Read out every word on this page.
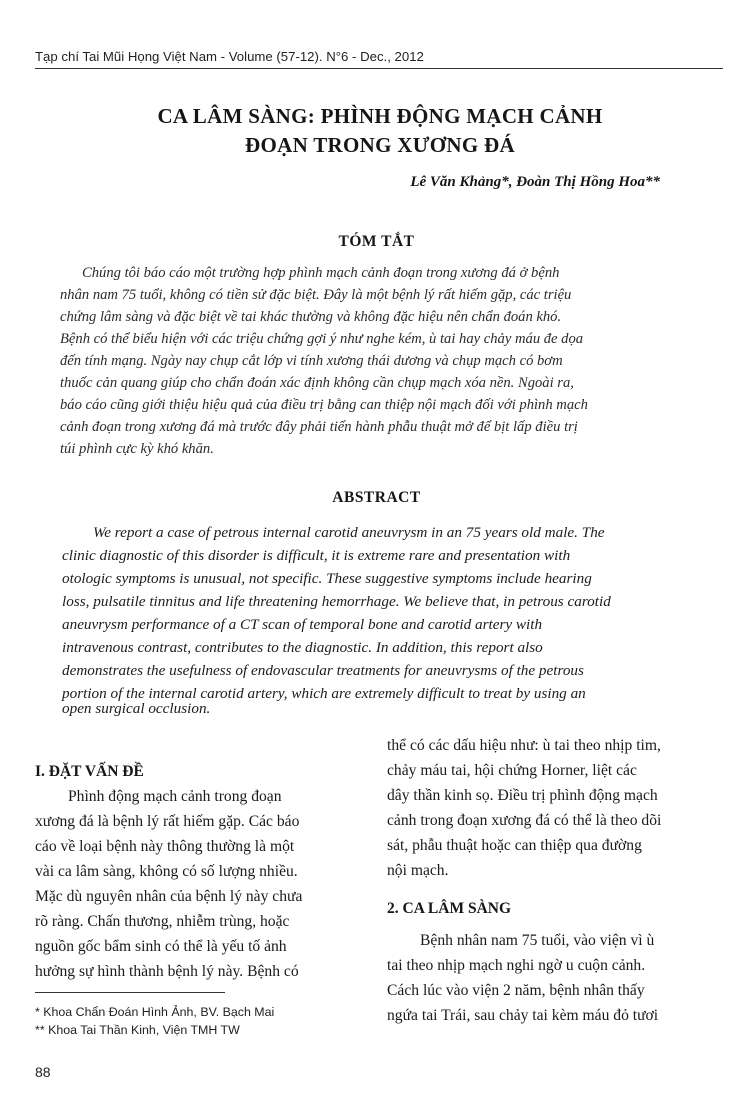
Tạp chí Tai Mũi Họng Việt Nam - Volume (57-12). N°6 - Dec., 2012
CA LÂM SÀNG: PHÌNH ĐỘNG MẠCH CẢNH
ĐOẠN TRONG XƯƠNG ĐÁ
Lê Văn Khảng*, Đoàn Thị Hồng Hoa**
TÓM TẮT
Chúng tôi báo cáo một trường hợp phình mạch cảnh đoạn trong xương đá ở bệnh
nhân nam 75 tuổi, không có tiền sử đặc biệt. Đây là một bệnh lý rất hiếm gặp, các triệu
chứng lâm sàng và đặc biệt về tai khác thường và không đặc hiệu nên chẩn đoán khó.
Bệnh có thể biểu hiện với các triệu chứng gợi ý như nghe kém, ù tai hay chảy máu đe dọa
đến tính mạng. Ngày nay chụp cắt lớp vi tính xương thái dương và chụp mạch có bơm
thuốc cản quang giúp cho chẩn đoán xác định không cần chụp mạch xóa nền. Ngoài ra,
báo cáo cũng giới thiệu hiệu quả của điều trị bằng can thiệp nội mạch đối với phình mạch
cảnh đoạn trong xương đá mà trước đây phải tiến hành phẫu thuật mở để bịt lấp điều trị
túi phình cực kỳ khó khăn.
ABSTRACT
We report a case of petrous internal carotid aneuvrysm in an 75 years old male. The
clinic diagnostic of this disorder is difficult, it is extreme rare and presentation with
otologic symptoms is unusual, not specific. These suggestive symptoms include hearing
loss, pulsatile tinnitus and life threatening hemorrhage. We believe that, in petrous carotid
aneuvrysm performance of a CT scan of temporal bone and carotid artery with
intravenous contrast, contributes to the diagnostic. In addition, this report also
demonstrates the usefulness of endovascular treatments for aneuvrysms of the petrous
portion of the internal carotid artery, which are extremely difficult to treat by using an
open surgical occlusion.
I. ĐẶT VẤN ĐỀ
Phình động mạch cảnh trong đoạn
xương đá là bệnh lý rất hiếm gặp. Các báo
cáo về loại bệnh này thông thường là một
vài ca lâm sàng, không có số lượng nhiều.
Mặc dù nguyên nhân của bệnh lý này chưa
rõ ràng. Chấn thương, nhiễm trùng, hoặc
nguồn gốc bẩm sinh có thể là yếu tố ảnh
hưởng sự hình thành bệnh lý này. Bệnh có
thể có các dấu hiệu như: ù tai theo nhịp tim,
chảy máu tai, hội chứng Horner, liệt các
dây thần kinh sọ. Điều trị phình động mạch
cảnh trong đoạn xương đá có thể là theo dõi
sát, phẫu thuật hoặc can thiệp qua đường
nội mạch.
2. CA LÂM SÀNG
Bệnh nhân nam 75 tuổi, vào viện vì ù
tai theo nhịp mạch nghi ngờ u cuộn cảnh.
Cách lúc vào viện 2 năm, bệnh nhân thấy
ngứa tai Trái, sau chảy tai kèm máu đỏ tươi
* Khoa Chẩn Đoán Hình Ảnh, BV. Bạch Mai
** Khoa Tai Thần Kinh, Viện TMH TW
88
